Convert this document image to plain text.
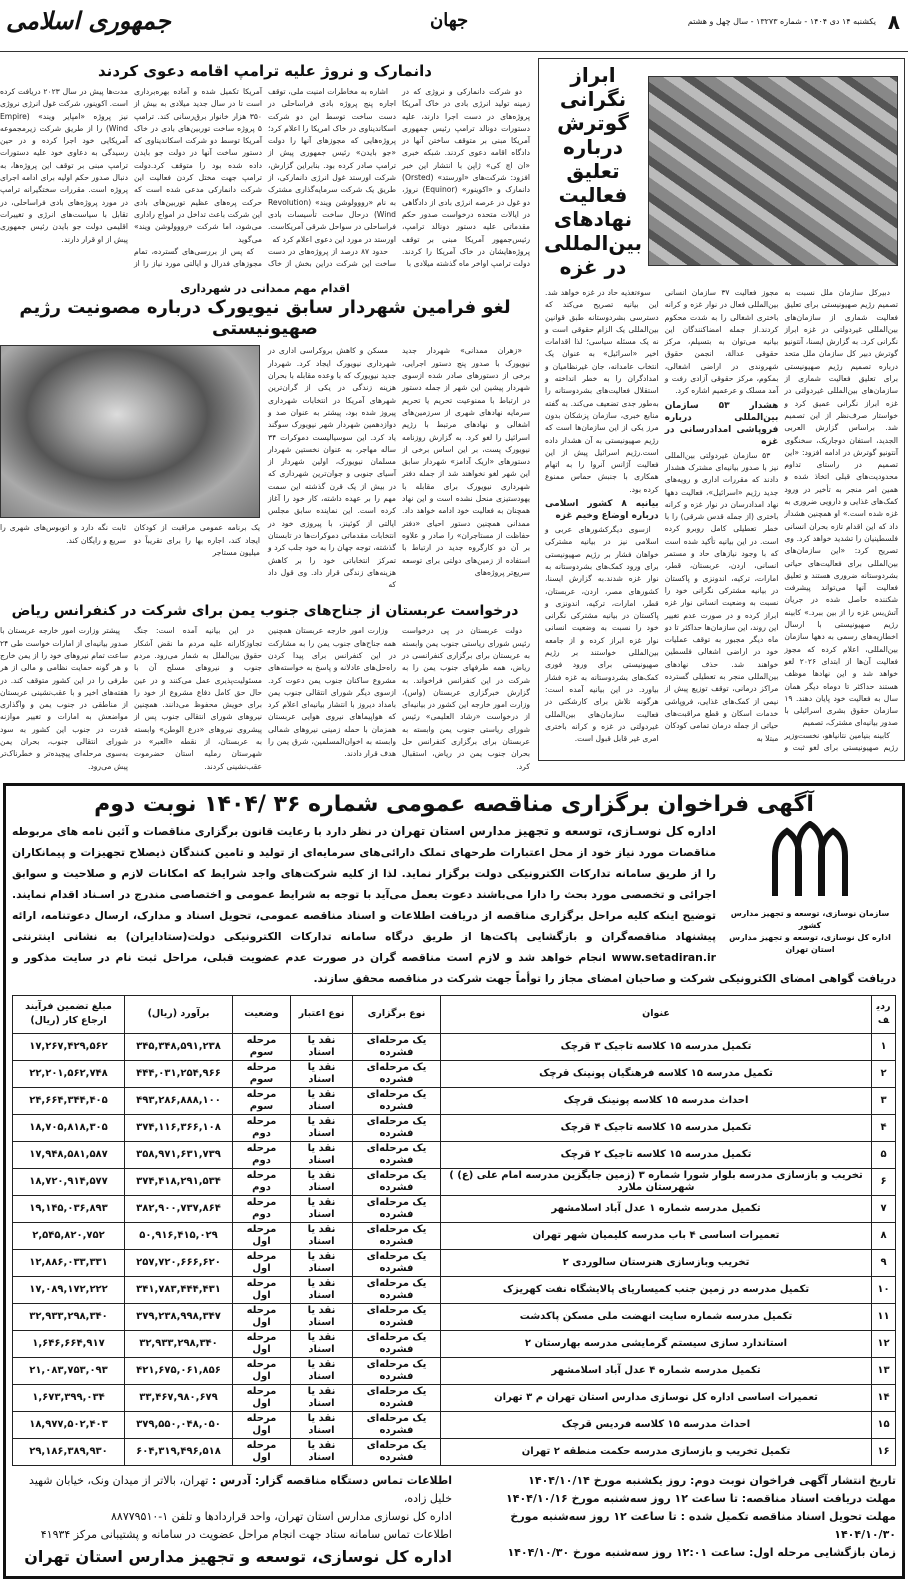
۸
یکشنبه ۱۴ دی ۱۴۰۴ - شماره ۱۳۲۷۳ - سال چهل و هشتم
جهان
جمهوری اسلامی
ابراز نگرانی گوترش درباره تعلیق فعالیت نهادهای بین‌المللی در غزه

دبیرکل سازمان ملل نسبت به تصمیم رژیم صهیونیستی برای تعلیق فعالیت شماری از سازمان‌های بین‌المللی غیردولتی در غزه ابراز نگرانی کرد. به گزارش ایسنا، آنتونیو گوترش دبیر کل سازمان ملل متحد درباره تصمیم رژیم صهیونیستی برای تعلیق فعالیت شماری از سازمان‌های بین‌المللی غیردولتی در غزه ابراز نگرانی عمیق کرد و خواستار صرف‌نظر از این تصمیم شد. براساس گزارش العربی الجدید، استفان دوجاریک، سخنگوی آنتونیو گوترش در ادامه افزود: «این تصمیم در راستای تداوم محدودیت‌های قبلی اتخاذ شده و همین امر منجر به تأخیر در ورود کمک‌های غذایی و دارویی ضروری به غزه شده است.» او همچنین هشدار داد که این اقدام تازه بحران انسانی فلسطینیان را تشدید خواهد کرد. وی تصریح کرد: «این سازمان‌های بین‌المللی برای فعالیت‌های حیاتی بشردوستانه ضروری هستند و تعلیق فعالیت آنها می‌تواند پیشرفت شکننده حاصل شده در جریان آتش‌بس غزه را از بین ببرد.» کابینه رژیم صهیونیستی با ارسال اخطاریه‌های رسمی به دهها سازمان بین‌المللی، اعلام کرده که مجوز فعالیت آن‌ها از ابتدای ۲۰۲۶ لغو خواهد شد و این نهادها موظف هستند حداکثر تا دوماه دیگر همان سال به فعالیت خود پایان دهند. ۱۹ سازمان حقوق بشری اسرائیلی با صدور بیانیه‌ای مشترک، تصمیم

کابینه بنیامین نتانیاهو، نخست‌وزیر رژیم صهیونیستی برای لغو ثبت و مجوز فعالیت ۳۷ سازمان انسانی بین‌المللی فعال در نوار غزه و کرانه باختری اشغالی را به شدت محکوم کردند.از جمله امضاکنندگان این بیانیه می‌توان به بتسیلم، مرکز حقوقی عدالة، انجمن حقوق شهروندی در اراضی اشغالی، بمکوم، مرکز حقوقی آزادی رفت و آمد مسلک و عرعمیم اشاره کرد.

هشدار ۵۳ سازمان بین‌المللی درباره فروپاشی امدادرسانی در غزه

۵۳ سازمان غیردولتی بین‌المللی نیز با صدور بیانیه‌ای مشترک هشدار دادند که مقررات اداری و رویه‌های جدید رژیم «اسرائیل»، فعالیت دهها نهاد امدادرسان در نوار غزه و کرانه باختری (از جمله قدس شرقی) را با خطر تعطیلی کامل روبرو کرده است. در این بیانیه تأکید شده است که با وجود نیازهای حاد و مستمر انسانی، اردن، عربستان، قطر، امارات، ترکیه، اندونزی و پاکستان در بیانیه مشترکی نگرانی خود را نسبت به وضعیت انسانی نوار غزه ابراز کرده و در صورت عدم تغییر این روند، این سازمان‌ها حداکثر تا دو ماه دیگر مجبور به توقف عملیات خود در اراضی اشغالی فلسطین خواهند شد. حذف نهادهای بین‌المللی منجر به تعطیلی گسترده مراکز درمانی، توقف توزیع پیش از نیمی از کمک‌های غذایی، فروپاشی خدمات اسکان و قطع مراقبت‌های حیاتی از جمله درمان تمامی کودکان مبتلا به

سوءتغذیه حاد در غزه خواهد شد. این بیانیه تصریح می‌کند که دسترسی بشردوستانه طبق قوانین بین‌المللی یک الزام حقوقی است و نه یک مسئله سیاسی؛ لذا اقدامات اخیر «اسرائیل» به عنوان یک انتخاب عامدانه، جان غیرنظامیان و امدادگران را به خطر انداخته و استقلال فعالیت‌های بشردوستانه را به‌طور جدی تضعیف می‌کند. به گفته منابع خبری، سازمان پزشکان بدون مرز یکی از این سازمان‌ها است که رژیم صهیونیستی به آن هشدار داده است.رژیم اسرائیل پیش از این فعالیت آژانس آنروا را به اتهام همکاری با جنبش حماس ممنوع کرده بود.

بیانیه ۸ کشور اسلامی درباره اوضاع وخیم غزه

ازسوی دیگرکشورهای عربی و اسلامی نیز در بیانیه مشترکی خواهان فشار بر رژیم صهیونیستی برای ورود کمک‌های بشردوستانه به نوار غزه شدند.به گزارش ایسنا، کشورهای مصر، اردن، عربستان، قطر، امارات، ترکیه، اندونزی و پاکستان در بیانیه مشترکی نگرانی خود را نسبت به وضعیت انسانی نوار غزه ابراز کرده و از جامعه بین‌المللی خواستند بر رژیم صهیونیستی برای ورود فوری کمک‌های بشردوستانه به غزه فشار بیاورد. در این بیانیه آمده است: هرگونه تلاش برای کارشکنی در فعالیت سازمان‌های بین‌المللی غیردولتی در غزه و کرانه باختری امری غیر قابل قبول است.

دانمارک و نروژ علیه ترامپ اقامه دعوی کردند

دو شرکت دانمارکی و نروژی که در زمینه تولید انرژی بادی در خاک آمریکا پروژه‌های در دست اجرا دارند، علیه دستورات دونالد ترامپ رئیس جمهوری آمریکا مبنی بر متوقف ساختن آنها در دادگاه اقامه دعوی کردند. شبکه خبری «ان اچ کی» ژاپن با انتشار این خبر افزود: شرکت‌های «اورستد» (Orsted) دانمارک و «اکوینور» (Equinor) نروژ، دو غول در عرصه انرژی بادی از دادگاهی در ایالات متحده درخواست صدور حکم مقدماتی علیه دستور دونالد ترامپ، رئیس‌جمهور آمریکا مبنی بر توقف پروژه‌هایشان در خاک آمریکا را کردند. دولت ترامپ اواخر ماه گذشته میلادی با

اشاره به مخاطرات امنیت ملی، توقف اجاره پنج پروژه بادی فراساحلی در دست ساخت توسط این دو شرکت اسکاندیناوی در خاک امریکا را اعلام کرد؛ پروژه‌هایی که مجوزهای آنها را دولت «جو بایدن» رئیس جمهوری پیش از ترامپ صادر کرده بود. بنابراین گزارش، شرکت اورستد غول انرژی دانمارکی، از طریق یک شرکت سرمایه‌گذاری مشترک به نام «رووولوشن ویند» (Revolution Wind) درحال ساخت تأسیسات بادی فراساحلی در سواحل شرقی آمریکاست. اورستد در مورد این دعوی اعلام کرد که

حدود ۸۷ درصد از پروژه‌های در دست ساخت این شرکت دراین بخش از خاک آمریکا تکمیل شده و آماده بهره‌برداری است تا در سال جدید میلادی به بیش از ۳۵۰ هزار خانوار برق‌رسانی کند. ترامپ ۵ پروژه ساخت توربین‌های بادی در خاک آمریکا توسط دو شرکت اسکاندیناوی که دستور ساخت آنها در دولت جو بایدن داده شده بود را متوقف کرد.دولت ترامپ جهت مختل کردن فعالیت این شرکت دانمارکی مدعی شده است که حرکت پره‌های عظیم توربین‌های بادی این شرکت باعث تداخل در امواج راداری می‌شود، اما شرکت «رووولوشن ویند» می‌گوید

که پس از بررسی‌های گسترده، تمام مجوزهای فدرال و ایالتی مورد نیاز را از مدت‌ها پیش در سال ۲۰۲۳ دریافت کرده است. اکوینور، شرکت غول انرژی نروژی نیز پروژه «امپایر ویند» (Empire Wind) را از طریق شرکت زیرمجموعه آمریکایی خود اجرا کرده و در حین رسیدگی به دعاوی خود علیه دستورات ترامپ مبنی بر توقف این پروژه‌ها، به دنبال صدور حکم اولیه برای ادامه اجرای پروژه است. مقررات سختگیرانه ترامپ در مورد پروژه‌های بادی فراساحلی، در تقابل با سیاست‌های انرژی و تغییرات اقلیمی دولت جو بایدن رئیس جمهوری پیش از او قرار دارند.

اقدام مهم ممدانی در شهرداری
لغو فرامین شهردار سابق نیویورک درباره مصونیت رژیم صهیونیستی

«زهران ممدانی» شهردار جدید نیویورک با صدور پنج دستور اجرایی، برخی از دستورهای صادر شده ازسوی شهردار پیشین این شهر از جمله دستور در ارتباط با ممنوعیت تحریم یا تحریم سرمایه نهادهای شهری از سرزمین‌های اشغالی و نهادهای مرتبط با رژیم اسرائیل را لغو کرد. به گزارش روزنامه نیویورک پست، بر این اساس برخی از دستورهای «اریک آدامز» شهردار سابق این شهر لغو نخواهند شد از جمله دفتر شهرداری نیویورک برای مقابله با یهودستیزی منحل نشده است و این نهاد همچنان به فعالیت خود ادامه خواهد داد. ممدانی همچنین دستور احیای «دفتر حفاظت از مستاجران» را صادر و علاوه بر آن دو کارگروه جدید در ارتباط با استفاده از زمین‌های دولتی برای توسعه سریع‌تر پروژه‌های

مسکن و کاهش بروکراسی اداری در شهرداری نیویورک ایجاد کرد. شهردار جدید نیویورک که با وعده مقابله با بحران هزینه زندگی در یکی از گران‌ترین شهرهای آمریکا در انتخابات شهرداری پیروز شده بود، پیشتر به عنوان صد و دوازدهمین شهردار شهر نیویورک سوگند یاد کرد. این سوسیالیست دموکرات ۳۴ ساله مهاجر، به عنوان نخستین شهردار مسلمان نیویورک، اولین شهردار از آسیای جنوبی و جوان‌ترین شهرداری که در بیش از یک قرن گذشته این سمت مهم را بر عهده داشته، کار خود را آغاز کرده است. این نماینده سابق مجلس ایالتی از کوئینز، با پیروزی خود در انتخابات مقدماتی دموکرات‌ها در تابستان گذشته، توجه جهان را به خود جلب کرد و تمرکز انتخاباتی خود را بر کاهش هزینه‌های زندگی قرار داد. وی قول داد که

یک برنامه عمومی مراقبت از کودکان ایجاد کند، اجاره بها را برای تقریباً دو میلیون مستاجر

ثابت نگه دارد و اتوبوس‌های شهری را سریع و رایگان کند.

درخواست عربستان از جناح‌های جنوب یمن برای شرکت در کنفرانس ریاض

دولت عربستان در پی درخواست رئیس شورای ریاستی جنوب یمن وابسته به عربستان برای برگزاری کنفرانسی در ریاض، همه طرفهای جنوب یمن را به شرکت در این کنفرانس فراخواند. به گزارش خبرگزاری عربستان (واس)، وزارت امور خارجه این کشور در بیانیه‌ای از درخواست «رشاد العلیمی» رئیس شورای ریاستی جنوب یمن وابسته به عربستان برای برگزاری کنفرانس حل بحران جنوب یمن در ریاض، استقبال کرد.

وزارت امور خارجه عربستان همچنین همه جناح‌های جنوب یمن را به مشارکت در این کنفرانس برای پیدا کردن راه‌حل‌های عادلانه و پاسخ به خواسته‌های مشروع ساکنان جنوب یمن دعوت کرد. ازسوی دیگر شورای انتقالی جنوب یمن بامداد دیروز با انتشار بیانیه‌ای اعلام کرد که هواپیماهای نیروی هوایی عربستان همزمان با حمله زمینی نیروهای شمالی وابسته به اخوان‌المسلمین، شرق یمن را هدف قرار دادند.

در این بیانیه آمده است: جنگ تجاوزکارانه علیه مردم ما نقض آشکار حقوق بین‌الملل به شمار می‌رود. مردم جنوب و نیروهای مسلح آن با مسئولیت‌پذیری عمل می‌کنند و در عین حال حق کامل دفاع مشروع از خود را برای خویش محفوظ می‌دانند. همچنین نیروهای شورای انتقالی جنوب پس از پیشروی نیروهای «درع الوطن» وابسته به عربستان، از نقطه «العبر» در شهرستان رملیه استان حضرموت عقب‌نشینی کردند.

پیشتر وزارت امور خارجه عربستان با صدور بیانیه‌ای از امارات خواست طی ۲۴ ساعت تمام نیروهای خود را از یمن خارج و هر گونه حمایت نظامی و مالی از هر طرفی را در این کشور متوقف کند. در هفته‌های اخیر و با عقب‌نشینی عربستان از مناطقی در جنوب یمن و واگذاری مواضعش به امارات و تغییر موازنه قدرت در جنوب این کشور به سود شورای انتقالی جنوب، بحران یمن به‌سوی مرحله‌ای پیچیده‌تر و خطرناک‌تر پیش می‌رود.

آگهی فراخوان برگزاری مناقصه عمومی شماره ۳۶ /۱۴۰۴ نوبت دوم
سازمان نوسازی، توسعه و تجهیز مدارس کشور
اداره کل نوسازی، توسعه و تجهیز مدارس استان تهران
اداره کل نوسـازی، توسعه و تجهیز مدارس استان تهران در نظر دارد با رعایت قانون برگزاری مناقصات و آئین نامه های مربوطه مناقصات مورد نیاز خود از محل اعتبارات طرحهای تملک دارائی‌های سرمایه‌ای از تولید و تامین کنندگان ذیصلاح تجهیزات و پیمانکاران را از طریق سامانه تدارکات الکترونیکی دولت برگزار نماید. لذا از کلیه شرکت‌های واجد شرایط که امکانات لازم و صلاحیت و سوابق اجرائی و تخصصی مورد بحث را دارا می‌باشند دعوت بعمل می‌آید با توجه به شرایط عمومی و اختصاصی مندرج در اسـناد اقدام نمایند. توضیح اینکه کلیه مراحل برگزاری مناقصه از دریافت اطلاعات و اسناد مناقصه عمومی، تحویل اسناد و مدارک، ارسال دعوتنامه، ارائه پیشنهاد مناقصه‌گران و بازگشایی پاکت‌ها از طریق درگاه سامانه تدارکات الکترونیکی دولت(ستادایران) به نشانی اینترنتی www.setadiran.ir انجام خواهد شد و لازم است مناقصه گران در صورت عدم عضویت قبلی، مراحل ثبت نام در سایت مذکور و دریافت گواهی امضای الکترونیکی شرکت و صاحبان امضای مجاز را توأماً جهت شرکت در مناقصه محقق سازند.
ردیف	عنوان	نوع برگزاری	نوع اعتبار	وضعیت	برآورد (ریال)	مبلغ تضمین فرآیند ارجاع کار (ریال)
۱	تکمیل مدرسه ۱۵ کلاسه تاجیک ۳ قرچک	یک مرحله‌ای فشرده	نقد یا اسناد	مرحله سوم	۳۴۵,۳۴۸,۵۹۱,۲۳۸	۱۷,۲۶۷,۴۲۹,۵۶۲
۲	تکمیل مدرسه ۱۵ کلاسه فرهنگیان پونینک قرچک	یک مرحله‌ای فشرده	نقد یا اسناد	مرحله سوم	۴۴۴,۰۳۱,۲۵۴,۹۶۶	۲۲,۲۰۱,۵۶۲,۷۴۸
۳	احداث مدرسه ۱۵ کلاسه پونینک قرچک	یک مرحله‌ای فشرده	نقد یا اسناد	مرحله سوم	۴۹۳,۲۸۶,۸۸۸,۱۰۰	۲۴,۶۶۴,۳۴۴,۴۰۵
۴	تکمیل مدرسه ۱۵ کلاسه تاجیک ۴ قرچک	یک مرحله‌ای فشرده	نقد یا اسناد	مرحله دوم	۳۷۴,۱۱۶,۳۶۶,۱۰۸	۱۸,۷۰۵,۸۱۸,۳۰۵
۵	تکمیل مدرسه ۱۵ کلاسه تاجیک ۲ قرچک	یک مرحله‌ای فشرده	نقد یا اسناد	مرحله دوم	۳۵۸,۹۷۱,۶۳۱,۷۳۹	۱۷,۹۴۸,۵۸۱,۵۸۷
۶	تخریب و بازسازی مدرسه بلوار شورا شماره ۳ (زمین جایگزین مدرسه امام علی (ع) ) شهرستان ملارد	یک مرحله‌ای فشرده	نقد یا اسناد	مرحله دوم	۳۷۴,۴۱۸,۲۹۱,۵۳۴	۱۸,۷۲۰,۹۱۴,۵۷۷
۷	تکمیل مدرسه شماره ۱ عدل آباد اسلامشهر	یک مرحله‌ای فشرده	نقد یا اسناد	مرحله دوم	۳۸۲,۹۰۰,۷۳۷,۸۶۴	۱۹,۱۴۵,۰۳۶,۸۹۳
۸	تعمیرات اساسی ۴ باب مدرسه کلیمیان شهر تهران	یک مرحله‌ای فشرده	نقد یا اسناد	مرحله اول	۵۰,۹۱۶,۴۱۵,۰۲۹	۲,۵۴۵,۸۲۰,۷۵۲
۹	تخریب وبازسازی هنرستان سالوردی ۲	یک مرحله‌ای فشرده	نقد یا اسناد	مرحله اول	۲۵۷,۷۲۰,۶۶۶,۶۲۰	۱۲,۸۸۶,۰۳۳,۳۳۱
۱۰	تکمیل مدرسه در زمین جنب کمیساریای پالایشگاه نفت کهریزک	یک مرحله‌ای فشرده	نقد یا اسناد	مرحله اول	۳۴۱,۷۸۳,۴۴۴,۴۳۱	۱۷,۰۸۹,۱۷۲,۲۲۲
۱۱	تکمیل مدرسه شماره سایت انهضت ملی مسکن پاکدشت	یک مرحله‌ای فشرده	نقد یا اسناد	مرحله اول	۳۷۹,۲۳۸,۹۹۸,۳۴۷	۳۲,۹۳۳,۲۹۸,۳۴۰
۱۲	استاندارد سازی سیستم گرمایشی مدرسه بهارستان ۲	یک مرحله‌ای فشرده	نقد یا اسناد	مرحله اول	۳۲,۹۳۳,۲۹۸,۳۴۰	۱,۶۴۶,۶۶۴,۹۱۷
۱۳	تکمیل مدرسه شماره ۴ عدل آباد اسلامشهر	یک مرحله‌ای فشرده	نقد یا اسناد	مرحله اول	۴۲۱,۶۷۵,۰۶۱,۸۵۶	۲۱,۰۸۳,۷۵۳,۰۹۳
۱۴	تعمیرات اساسی اداره کل نوسازی مدارس استان تهران م ۳ تهران	یک مرحله‌ای فشرده	نقد یا اسناد	مرحله اول	۳۳,۴۶۷,۹۸۰,۶۷۹	۱,۶۷۳,۳۹۹,۰۳۴
۱۵	احداث مدرسه ۱۵ کلاسه فردیس قرچک	یک مرحله‌ای فشرده	نقد یا اسناد	مرحله اول	۳۷۹,۵۵۰,۰۴۸,۰۵۰	۱۸,۹۷۷,۵۰۲,۴۰۳
۱۶	تکمیل تخریب و بازسازی مدرسه حکمت منطقه ۲ تهران	یک مرحله‌ای فشرده	نقد یا اسناد	مرحله اول	۶۰۴,۳۱۹,۴۹۶,۵۱۸	۲۹,۱۸۶,۳۸۹,۹۳۰
تاریخ انتشار آگهی فراخوان نوبت دوم: روز یکشنبه مورخ ۱۴۰۴/۱۰/۱۴
مهلت دریافت اسناد مناقصه: تا ساعت ۱۲ روز سه‌شنبه مورخ ۱۴۰۴/۱۰/۱۶
مهلت تحویل اسناد مناقصه تکمیل شده : تا ساعت ۱۲ روز سه‌شنبه مورخ ۱۴۰۴/۱۰/۳۰
زمان بازگشایی مرحله اول: ساعت ۱۲:۰۱ روز سه‌شنبه مورخ ۱۴۰۴/۱۰/۳۰
اطلاعات تماس دستگاه مناقصه گزار: آدرس : تهران، بالاتر از میدان ونک، خیابان شهید خلیل زاده،
اداره کل نوسازی مدارس استان تهران، واحد قراردادها و تلفن ۱-۸۸۷۷۹۵۱۰
اطلاعات تماس سامانه ستاد جهت انجام مراحل عضویت در سامانه و پشتیبانی مرکز ۴۱۹۳۴
اداره کل نوسازی، توسعه و تجهیز مدارس استان تهران
